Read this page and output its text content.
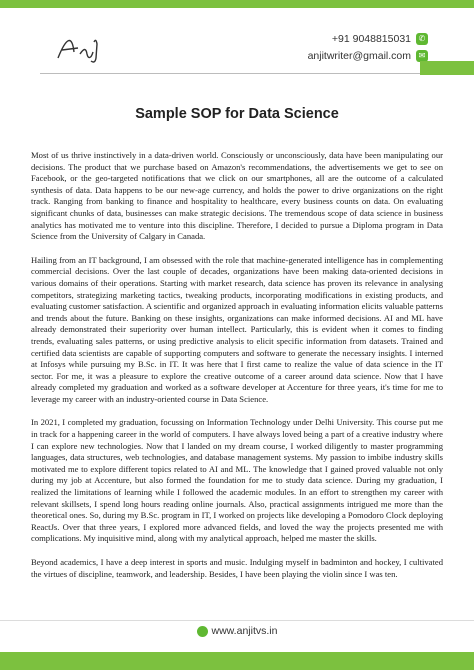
+91 9048815031 ✆
anjitwriter@gmail.com ✉
Sample SOP for Data Science

Most of us thrive instinctively in a data-driven world. Consciously or unconsciously, data have been manipulating our decisions. The product that we purchase based on Amazon's recommendations, the advertisements we get to see on Facebook, or the geo-targeted notifications that we click on our smartphones, all are the outcome of a calculated synthesis of data. Data happens to be our new-age currency, and holds the power to drive organizations on the right track. Ranging from banking to finance and hospitality to healthcare, every business counts on data. On evaluating significant chunks of data, businesses can make strategic decisions. The tremendous scope of data science in business analytics has motivated me to venture into this discipline. Therefore, I decided to pursue a Diploma program in Data Science from the University of Calgary in Canada.

Hailing from an IT background, I am obsessed with the role that machine-generated intelligence has in complementing commercial decisions. Over the last couple of decades, organizations have been making data-oriented decisions in various domains of their operations. Starting with market research, data science has proven its relevance in analysing competitors, strategizing marketing tactics, tweaking products, incorporating modifications in existing products, and evaluating customer satisfaction. A scientific and organized approach in evaluating information elicits valuable patterns and trends about the future. Banking on these insights, organizations can make informed decisions. AI and ML have already demonstrated their superiority over human intellect. Particularly, this is evident when it comes to finding trends, evaluating sales patterns, or using predictive analysis to elicit specific information from datasets. Trained and certified data scientists are capable of supporting computers and software to generate the necessary insights. I interned at Infosys while pursuing my B.Sc. in IT. It was here that I first came to realize the value of data science in the IT sector. For me, it was a pleasure to explore the creative outcome of a career around data science. Now that I have already completed my graduation and worked as a software developer at Accenture for three years, it's time for me to leverage my career with an industry-oriented course in Data Science.

In 2021, I completed my graduation, focussing on Information Technology under Delhi University. This course put me in track for a happening career in the world of computers. I have always loved being a part of a creative industry where I can explore new technologies. Now that I landed on my dream course, I worked diligently to master programming languages, data structures, web technologies, and database management systems. My passion to imbibe industry skills motivated me to explore different topics related to AI and ML. The knowledge that I gained proved valuable not only during my job at Accenture, but also formed the foundation for me to study data science. During my graduation, I realized the limitations of learning while I followed the academic modules. In an effort to strengthen my career with relevant skillsets, I spend long hours reading online journals. Also, practical assignments intrigued me more than the theoretical ones. So, during my B.Sc. program in IT, I worked on projects like developing a Pomodoro Clock deploying ReactJs. Over that three years, I explored more advanced fields, and loved the way the projects presented me with complications. My inquisitive mind, along with my analytical approach, helped me master the skills.

Beyond academics, I have a deep interest in sports and music. Indulging myself in badminton and hockey, I cultivated the virtues of discipline, teamwork, and leadership. Besides, I have been playing the violin since I was ten.

www.anjitvs.in
